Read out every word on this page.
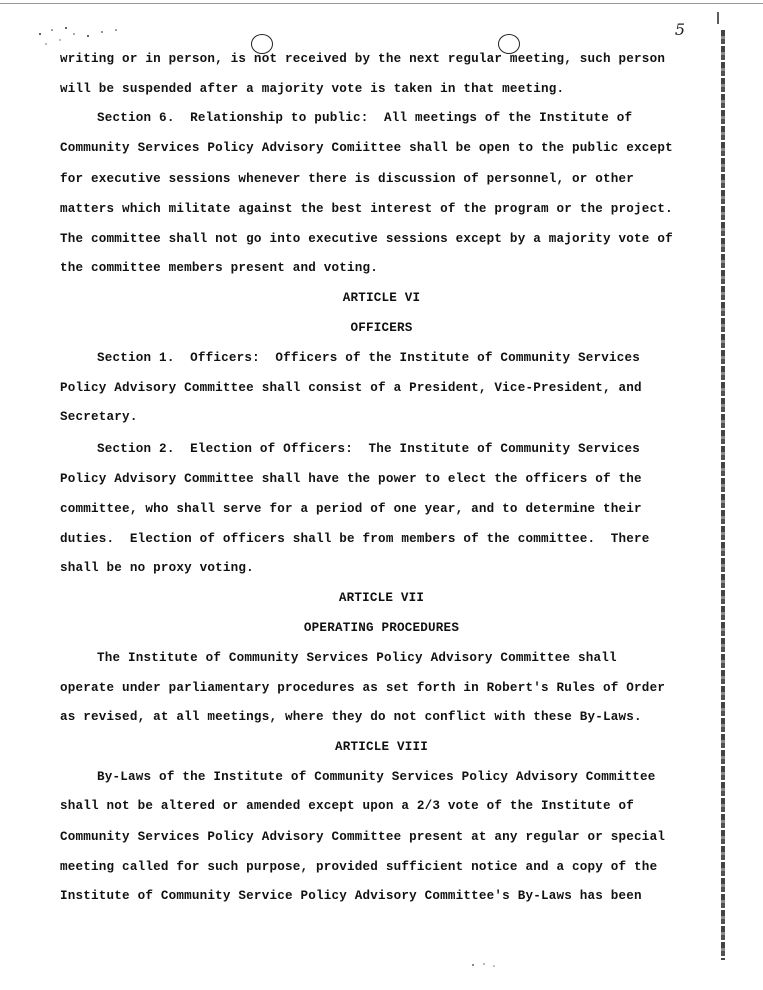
5
writing or in person, is not received by the next regular meeting, such person
will be suspended after a majority vote is taken in that meeting.
Section 6.  Relationship to public:  All meetings of the Institute of
Community Services Policy Advisory Comiittee shall be open to the public except
for executive sessions whenever there is discussion of personnel, or other
matters which militate against the best interest of the program or the project.
The committee shall not go into executive sessions except by a majority vote of
the committee members present and voting.
ARTICLE VI
OFFICERS
Section 1.  Officers:  Officers of the Institute of Community Services
Policy Advisory Committee shall consist of a President, Vice-President, and
Secretary.
Section 2.  Election of Officers:  The Institute of Community Services
Policy Advisory Committee shall have the power to elect the officers of the
committee, who shall serve for a period of one year, and to determine their
duties.  Election of officers shall be from members of the committee.  There
shall be no proxy voting.
ARTICLE VII
OPERATING PROCEDURES
The Institute of Community Services Policy Advisory Committee shall
operate under parliamentary procedures as set forth in Robert's Rules of Order
as revised, at all meetings, where they do not conflict with these By-Laws.
ARTICLE VIII
By-Laws of the Institute of Community Services Policy Advisory Committee
shall not be altered or amended except upon a 2/3 vote of the Institute of
Community Services Policy Advisory Committee present at any regular or special
meeting called for such purpose, provided sufficient notice and a copy of the
Institute of Community Service Policy Advisory Committee's By-Laws has been
